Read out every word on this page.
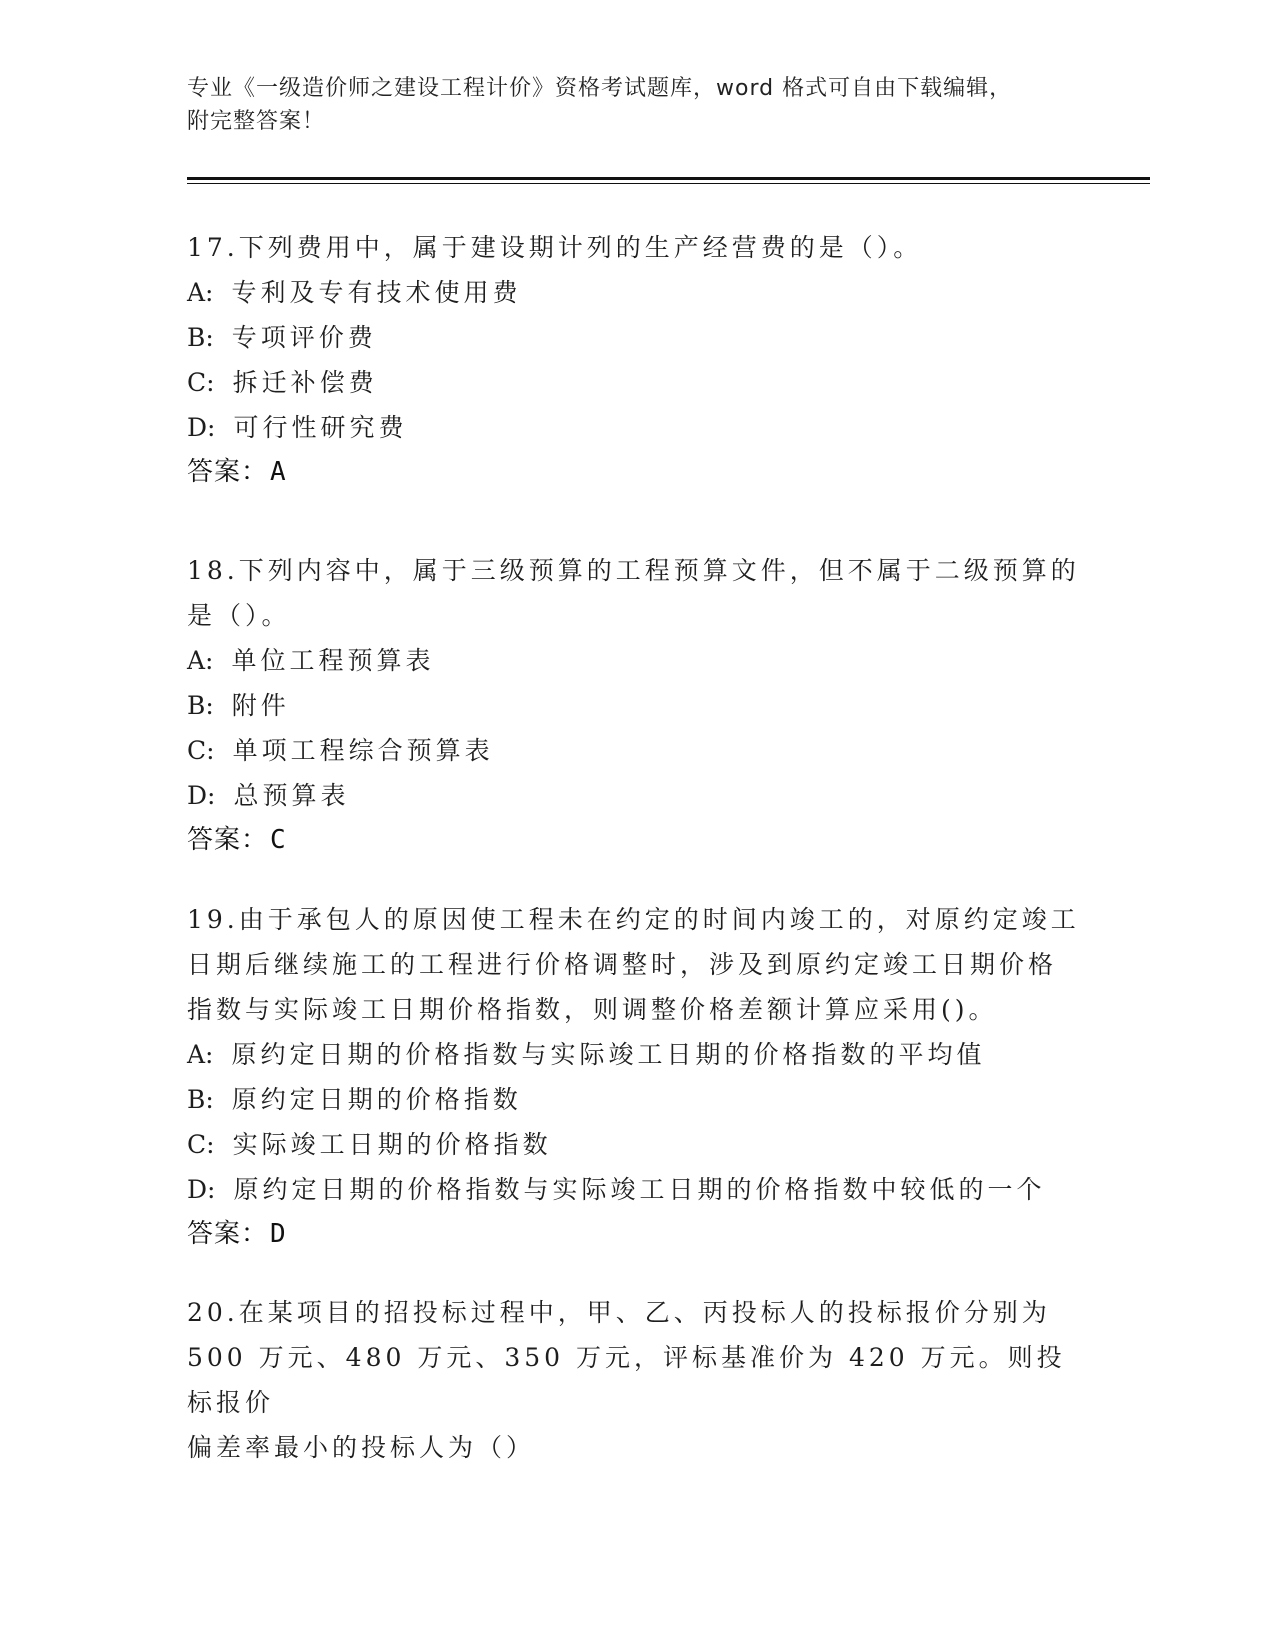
专业《一级造价师之建设工程计价》资格考试题库，word 格式可自由下载编辑，
附完整答案！
17.下列费用中，属于建设期计列的生产经营费的是（）。
A: 专利及专有技术使用费
B: 专项评价费
C: 拆迁补偿费
D: 可行性研究费
答案：A
18.下列内容中，属于三级预算的工程预算文件，但不属于二级预算的
是（）。
A: 单位工程预算表
B: 附件
C: 单项工程综合预算表
D: 总预算表
答案：C
19.由于承包人的原因使工程未在约定的时间内竣工的，对原约定竣工
日期后继续施工的工程进行价格调整时，涉及到原约定竣工日期价格
指数与实际竣工日期价格指数，则调整价格差额计算应采用()。
A: 原约定日期的价格指数与实际竣工日期的价格指数的平均值
B: 原约定日期的价格指数
C: 实际竣工日期的价格指数
D: 原约定日期的价格指数与实际竣工日期的价格指数中较低的一个
答案：D
20.在某项目的招投标过程中，甲、乙、丙投标人的投标报价分别为
500 万元、480 万元、350 万元，评标基准价为 420 万元。则投标报价
偏差率最小的投标人为（）
